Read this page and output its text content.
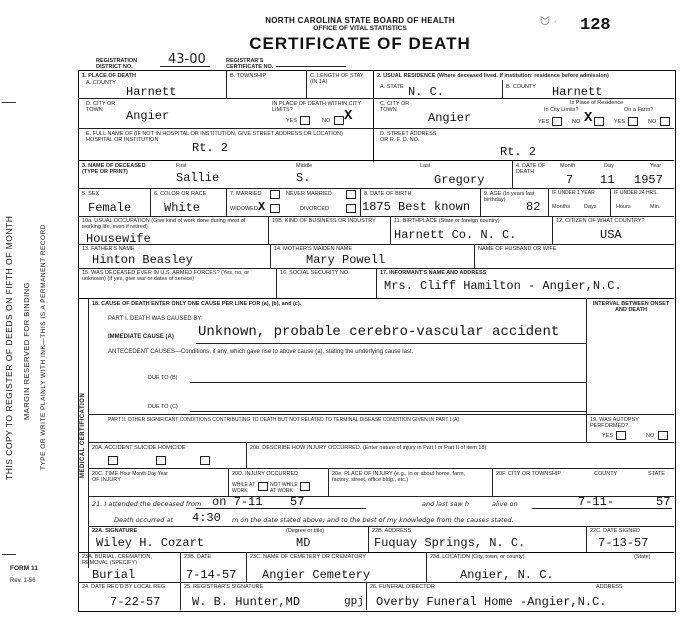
NORTH CAROLINA STATE BOARD OF HEALTH
OFFICE OF VITAL STATISTICS
CERTIFICATE OF DEATH
ᗢ · 128
REGISTRATION DISTRICT NO.	43-00	REGISTRAR'S CERTIFICATE NO.
THIS COPY TO REGISTER OF DEEDS ON FIFTH OF MONTH MARGIN RESERVED FOR BINDING TYPE OR WRITE PLAINLY WITH INK—THIS IS A PERMANENT RECORD
FORM 11
Rev. 1-56
1. PLACE OF DEATH
A. COUNTY
Harnett
B. TOWNSHIP	C. LENGTH OF STAY (IN 1A)
D. CITY OR TOWN	Angier
IN PLACE OF DEATH WITHIN CITY LIMITS?
YES	NO X
E. FULL NAME OF (IF NOT IN HOSPITAL OR INSTITUTION, GIVE STREET ADDRESS OR LOCATION) HOSPITAL OR INSTITUTION
Rt. 2
2. USUAL RESIDENCE (Where deceased lived. If institution: residence before admission)
A. STATE N. C.	B. COUNTY Harnett
C. CITY OR TOWN
Angier
Is Place of Residence
In City Limits?	On a Farm?
YES	NO X	YES	NO
D. STREET ADDRESS OR R. F. D. NO.
Rt. 2
3. NAME OF DECEASED (TYPE OR PRINT)
First	Middle	Last
Sallie	S.	Gregory
4. DATE OF DEATH
Month	Day	Year
7 11 1957
5. SEX
Female
6. COLOR OR RACE
White
7. MARRIED	NEVER MARRIED
WIDOWED X	DIVORCED
8. DATE OF BIRTH
1875 Best known
9. AGE (In years last birthday)	82
IF UNDER 1 YEAR
Months	Days
IF UNDER 24 HRS.
Hours	Min.
10a. USUAL OCCUPATION (Give kind of work done during most of working life, even if retired)
Housewife
10B. KIND OF BUSINESS OR INDUSTRY	11. BIRTHPLACE (State or foreign country)
Harnett Co. N. C.
12. CITIZEN OF WHAT COUNTRY?
USA
13. FATHER'S NAME
Hinton Beasley
14. MOTHER'S MAIDEN NAME
Mary Powell
NAME OF HUSBAND OR WIFE
15. WAS DECEASED EVER IN U.S. ARMED FORCES? (Yes, no, or unknown) (If yes, give war or dates of service)
16. SOCIAL SECURITY NO.	17. INFORMANT'S NAME AND ADDRESS
Mrs. Cliff Hamilton - Angier,N.C.
MEDICAL CERTIFICATION
18. CAUSE OF DEATH ENTER ONLY ONE CAUSE PER LINE FOR (a), (b), and (c).	INTERVAL BETWEEN ONSET AND DEATH
PART I. DEATH WAS CAUSED BY:
IMMEDIATE CAUSE (A) Unknown, probable cerebro-vascular accident
ANTECEDENT CAUSES—Conditions, if any, which gave rise to above cause (a), stating the underlying cause last.
DUE TO (B)
DUE TO (C)
PART II. OTHER SIGNIFICANT CONDITIONS CONTRIBUTING TO DEATH BUT NOT RELATED TO TERMINAL DISEASE CONDITION GIVEN IN PART I (A)	19. WAS AUTOPSY PERFORMED?
YES	NO
20A. ACCIDENT SUICIDE HOMICIDE	20b. DESCRIBE HOW INJURY OCCURRED. (Enter nature of injury in Part I or Part II of item 18)
20C. TIME OF INJURY
Hour Month Day Year	20D. INJURY OCCURRED
WHILE AT WORK
NOT WHILE AT WORK
20e. PLACE OF INJURY (e.g., in or about home, farm, factory, street, office bldg., etc.)
20F. CITY OR TOWNSHIP	COUNTY	STATE
21. I attended the deceased from on 7-11 57	and last saw h	alive on	7-11-	57
Death occurred at 4:30 m on the date stated above; and to the best of my knowledge from the causes stated.
22A. SIGNATURE
Wiley H. Cozart
(Degree or title)
MD
22B. ADDRESS
Fuquay Springs, N. C.
22C. DATE SIGNED
7-13-57
23A. BURIAL, CREMATION, REMOVAL (SPECIFY)
Burial
23B. DATE
7-14-57
23C. NAME OF CEMETERY OR CREMATORY
Angier Cemetery
23d. LOCATION (City, town, or county)	(State)
Angier, N. C.
24. DATE REC'D BY LOCAL REG.
7-22-57
25. REGISTRAR'S SIGNATURE
W. B. Hunter,MD	gpj
26. FUNERAL DIRECTOR	ADDRESS
Overby Funeral Home -Angier,N.C.
